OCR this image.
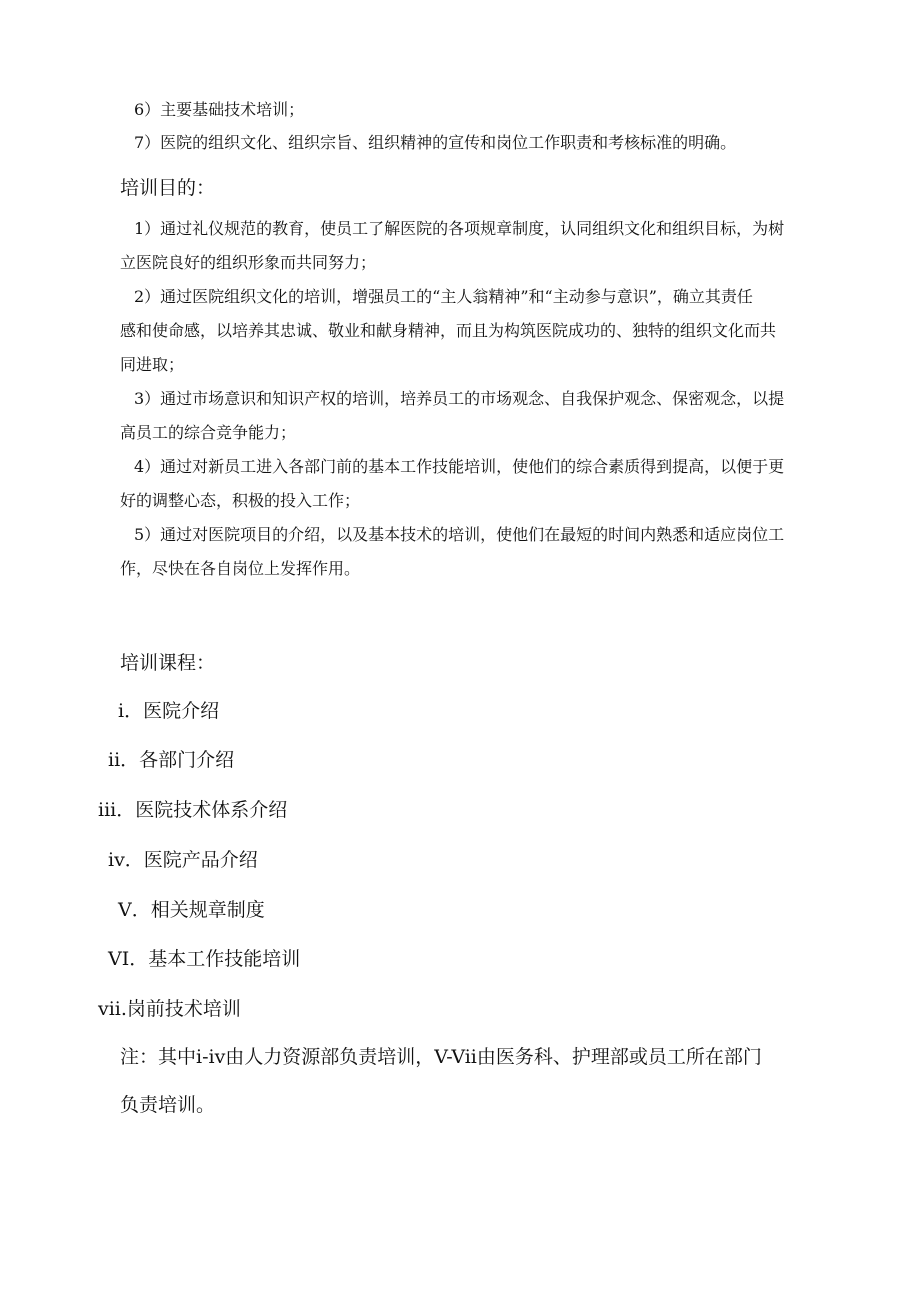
6）主要基础技术培训；
7）医院的组织文化、组织宗旨、组织精神的宣传和岗位工作职责和考核标准的明确。
培训目的：
1）通过礼仪规范的教育，使员工了解医院的各项规章制度，认同组织文化和组织目标，为树
立医院良好的组织形象而共同努力；
2）通过医院组织文化的培训，增强员工的“主人翁精神”和“主动参与意识”，确立其责任
感和使命感，以培养其忠诚、敬业和献身精神，而且为构筑医院成功的、独特的组织文化而共
同进取；
3）通过市场意识和知识产权的培训，培养员工的市场观念、自我保护观念、保密观念，以提
高员工的综合竞争能力；
4）通过对新员工进入各部门前的基本工作技能培训，使他们的综合素质得到提高，以便于更
好的调整心态，积极的投入工作；
5）通过对医院项目的介绍，以及基本技术的培训，使他们在最短的时间内熟悉和适应岗位工
作，尽快在各自岗位上发挥作用。
培训课程：
i．医院介绍
ii．各部门介绍
iii．医院技术体系介绍
iv．医院产品介绍
V．相关规章制度
VI．基本工作技能培训
vii.岗前技术培训
注：其中i-iv由人力资源部负责培训，V-Vii由医务科、护理部或员工所在部门
负责培训。
